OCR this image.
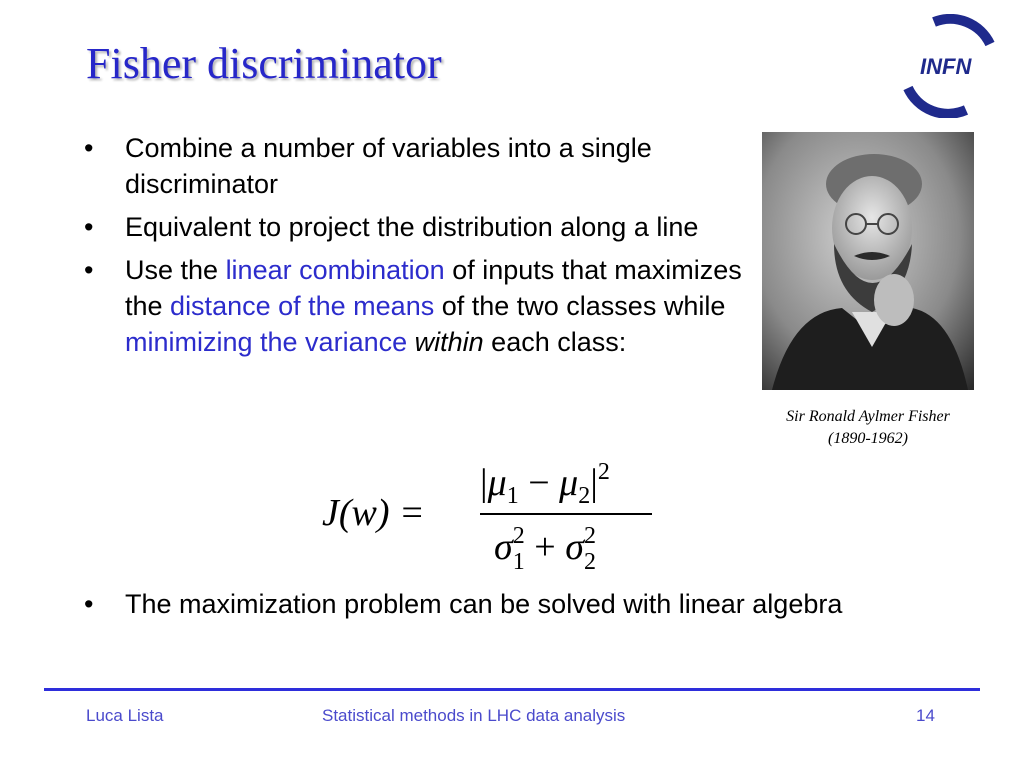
Fisher discriminator	INFN
• Combine a number of variables into a single discriminator
• Equivalent to project the distribution along a line
• Use the linear combination of inputs that maximizes the distance of the means of the two classes while minimizing the variance within each class:
Sir Ronald Aylmer Fisher
(1890-1962)
J(w) =
$|\mu_1 - \mu_2|^2$
$\sigma^2$ $1 + \sigma^2$ 2
• The maximization problem can be solved with linear algebra
Luca Lista	Statistical methods in LHC data analysis	14
